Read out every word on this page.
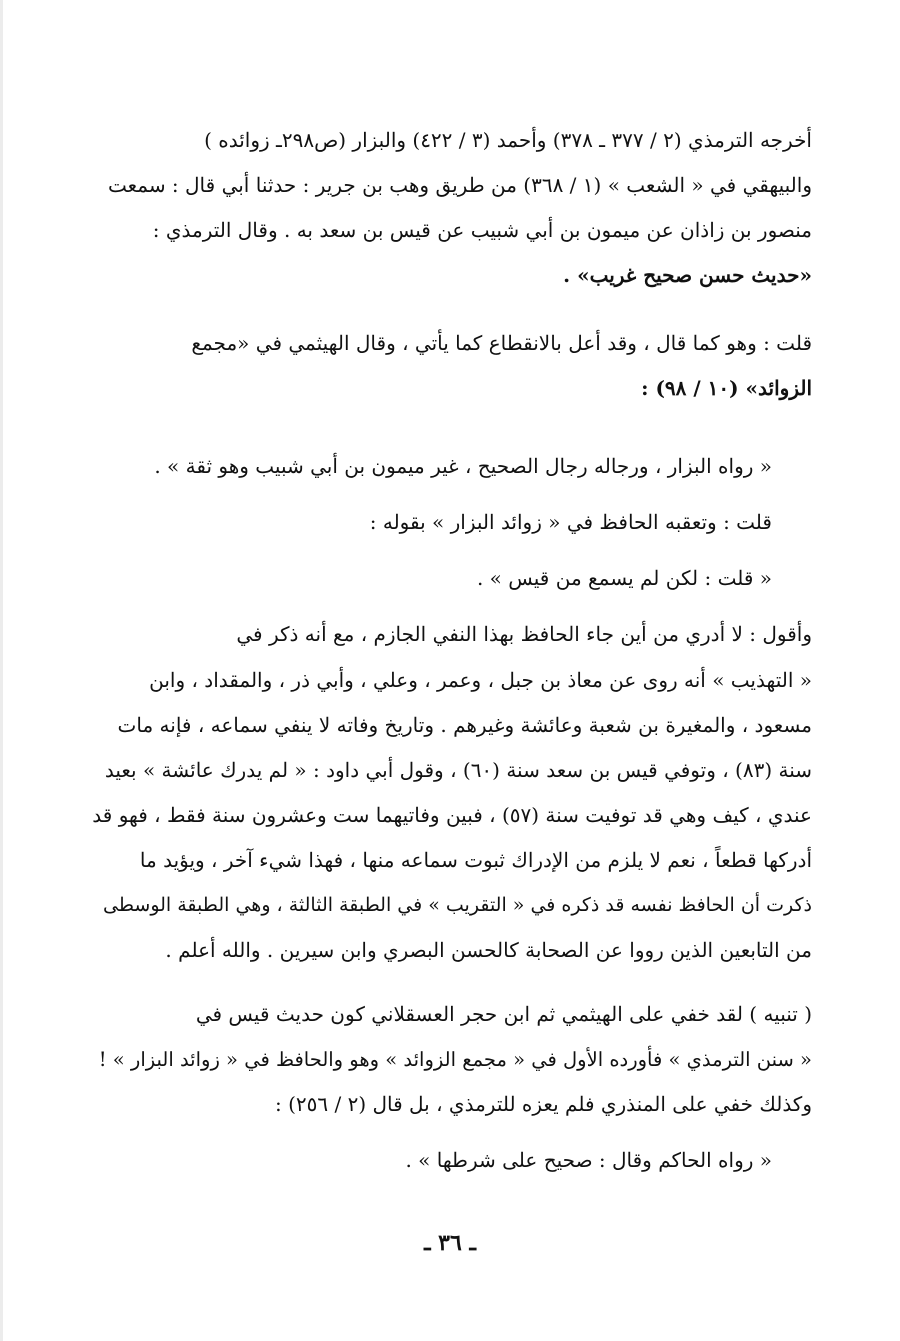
أخرجه الترمذي (٢ / ٣٧٧ ـ ٣٧٨) وأحمد (٣ / ٤٢٢) والبزار (ص٢٩٨ـ زوائده )
والبيهقي في « الشعب » (١ / ٣٦٨) من طريق وهب بن جرير : حدثنا أبي قال : سمعت
منصور بن زاذان عن ميمون بن أبي شبيب عن قيس بن سعد به . وقال الترمذي :
«حديث حسن صحيح غريب» .
قلت : وهو كما قال ، وقد أعل بالانقطاع كما يأتي ، وقال الهيثمي في «مجمع
الزوائد» (١٠ / ٩٨) :
« رواه البزار ، ورجاله رجال الصحيح ، غير ميمون بن أبي شبيب وهو ثقة » .
قلت : وتعقبه الحافظ في « زوائد البزار » بقوله :
« قلت : لكن لم يسمع من قيس » .
وأقول : لا أدري من أين جاء الحافظ بهذا النفي الجازم ، مع أنه ذكر في
« التهذيب » أنه روى عن معاذ بن جبل ، وعمر ، وعلي ، وأبي ذر ، والمقداد ، وابن
مسعود ، والمغيرة بن شعبة وعائشة وغيرهم . وتاريخ وفاته لا ينفي سماعه ، فإنه مات
سنة (٨٣) ، وتوفي قيس بن سعد سنة (٦٠) ، وقول أبي داود : « لم يدرك عائشة » بعيد
عندي ، كيف وهي قد توفيت سنة (٥٧) ، فبين وفاتيهما ست وعشرون سنة فقط ، فهو قد
أدركها قطعاً ، نعم لا يلزم من الإدراك ثبوت سماعه منها ، فهذا شيء آخر ، ويؤيد ما
ذكرت أن الحافظ نفسه قد ذكره في « التقريب » في الطبقة الثالثة ، وهي الطبقة الوسطى
من التابعين الذين رووا عن الصحابة كالحسن البصري وابن سيرين . والله أعلم .
( تنبيه ) لقد خفي على الهيثمي ثم ابن حجر العسقلاني كون حديث قيس في
« سنن الترمذي » فأورده الأول في « مجمع الزوائد » وهو والحافظ في « زوائد البزار » !
وكذلك خفي على المنذري فلم يعزه للترمذي ، بل قال (٢ / ٢٥٦) :
« رواه الحاكم وقال : صحيح على شرطها » .
ـ ٣٦ ـ
